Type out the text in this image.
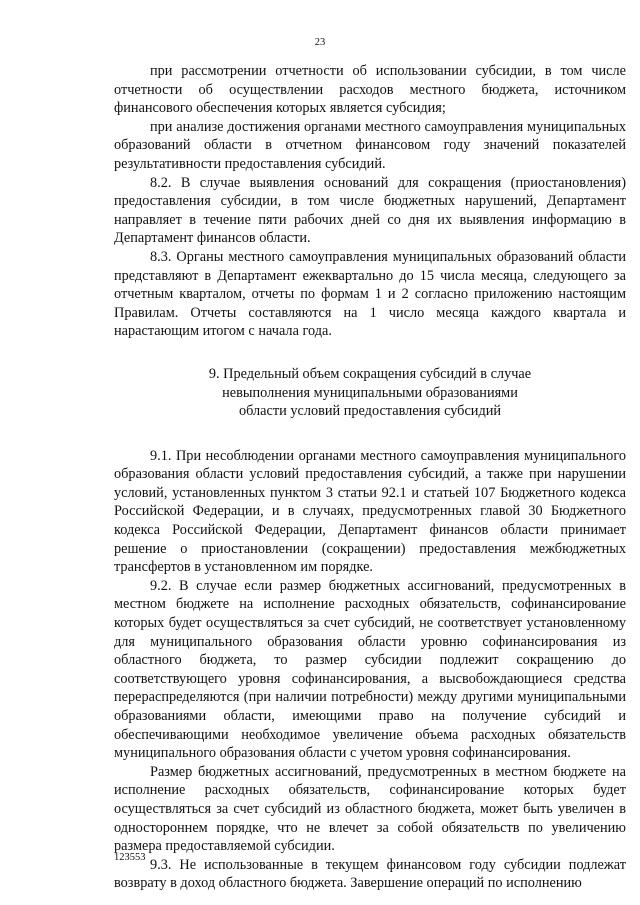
23

при рассмотрении отчетности об использовании субсидии, в том числе отчетности об осуществлении расходов местного бюджета, источником финансового обеспечения которых является субсидия;

при анализе достижения органами местного самоуправления муниципальных образований области в отчетном финансовом году значений показателей результативности предоставления субсидий.

8.2. В случае выявления оснований для сокращения (приостановления) предоставления субсидии, в том числе бюджетных нарушений, Департамент направляет в течение пяти рабочих дней со дня их выявления информацию в Департамент финансов области.

8.3. Органы местного самоуправления муниципальных образований области представляют в Департамент ежеквартально до 15 числа месяца, следующего за отчетным кварталом, отчеты по формам 1 и 2 согласно приложению настоящим Правилам. Отчеты составляются на 1 число месяца каждого квартала и нарастающим итогом с начала года.

9. Предельный объем сокращения субсидий в случае
невыполнения муниципальными образованиями
области условий предоставления субсидий

9.1. При несоблюдении органами местного самоуправления муниципального образования области условий предоставления субсидий, а также при нарушении условий, установленных пунктом 3 статьи 92.1 и статьей 107 Бюджетного кодекса Российской Федерации, и в случаях, предусмотренных главой 30 Бюджетного кодекса Российской Федерации, Департамент финансов области принимает решение о приостановлении (сокращении) предоставления межбюджетных трансфертов в установленном им порядке.

9.2. В случае если размер бюджетных ассигнований, предусмотренных в местном бюджете на исполнение расходных обязательств, софинансирование которых будет осуществляться за счет субсидий, не соответствует установленному для муниципального образования области уровню софинансирования из областного бюджета, то размер субсидии подлежит сокращению до соответствующего уровня софинансирования, а высвобождающиеся средства перераспределяются (при наличии потребности) между другими муниципальными образованиями области, имеющими право на получение субсидий и обеспечивающими необходимое увеличение объема расходных обязательств муниципального образования области с учетом уровня софинансирования.

Размер бюджетных ассигнований, предусмотренных в местном бюджете на исполнение расходных обязательств, софинансирование которых будет осуществляться за счет субсидий из областного бюджета, может быть увеличен в одностороннем порядке, что не влечет за собой обязательств по увеличению размера предоставляемой субсидии.

9.3. Не использованные в текущем финансовом году субсидии подлежат возврату в доход областного бюджета. Завершение операций по исполнению

123553
